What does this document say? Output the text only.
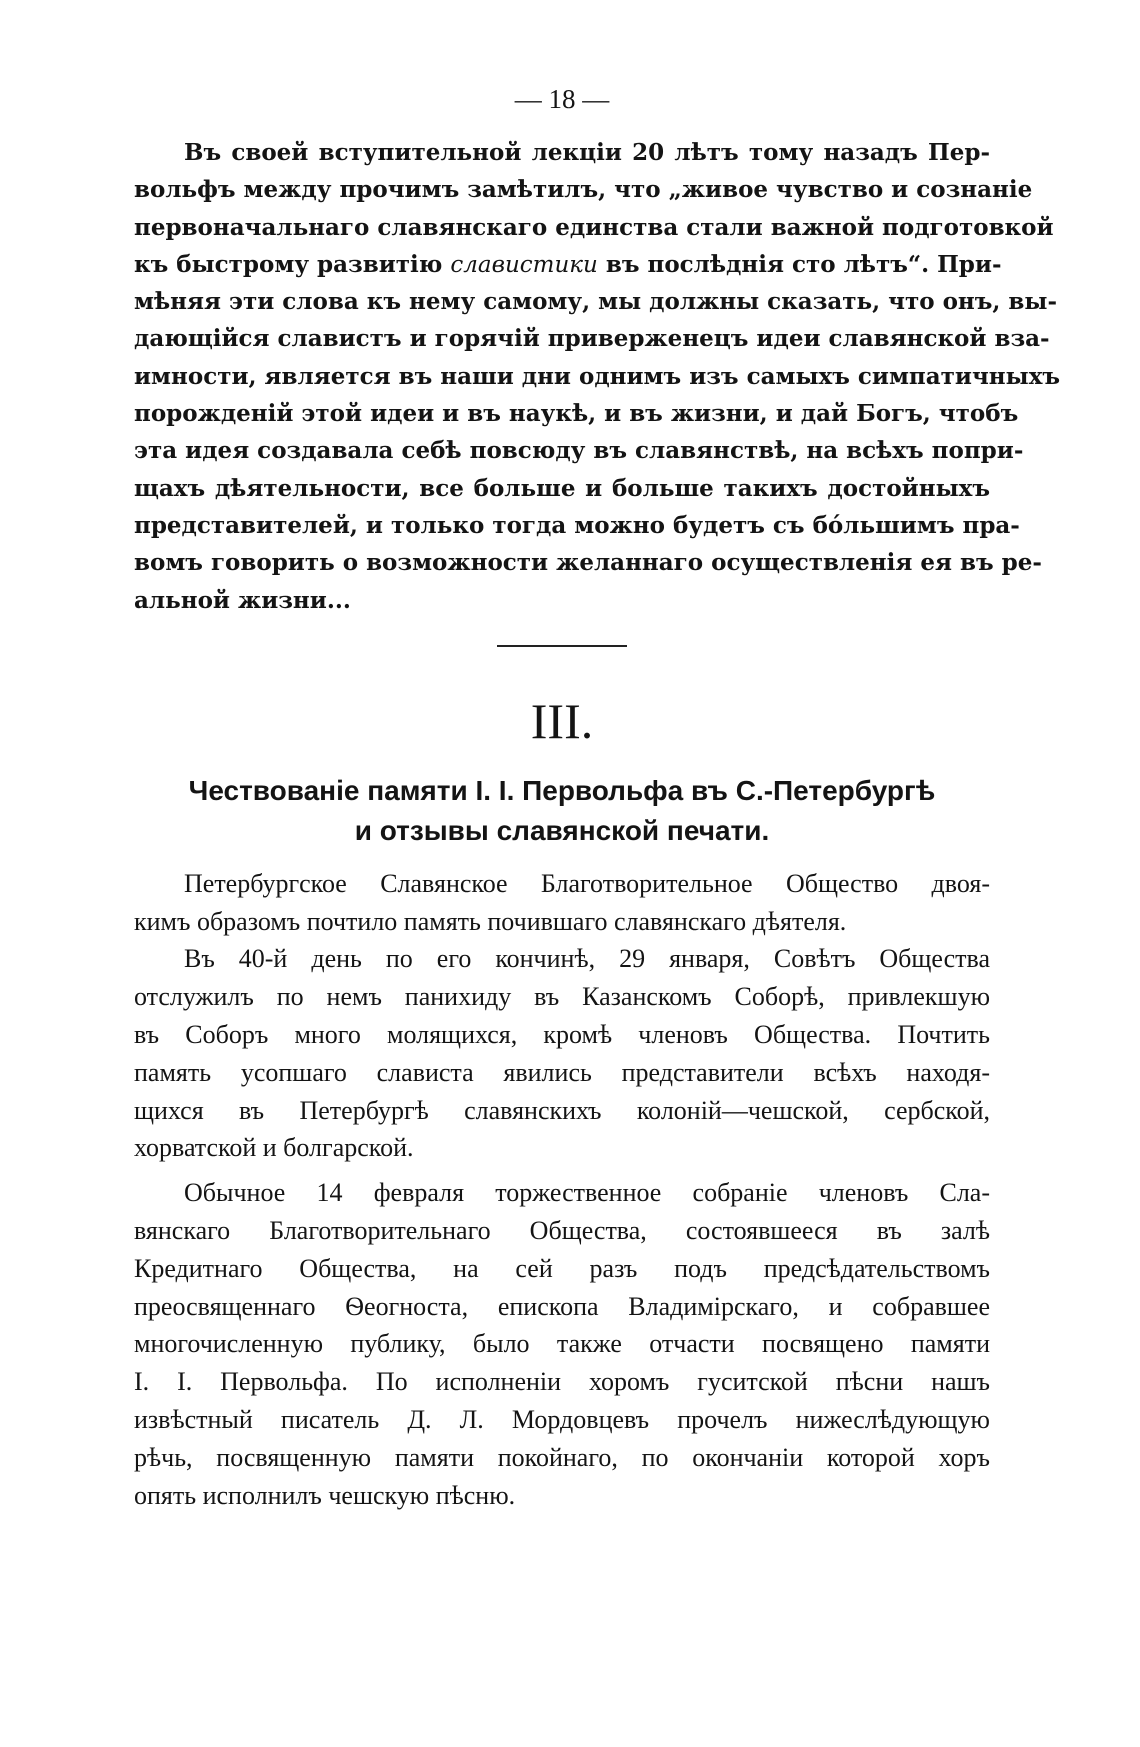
— 18 —
Въ своей вступительной лекціи 20 лѣтъ тому назадъ Пер-
вольфъ между прочимъ замѣтилъ, что „живое чувство и сознаніе
первоначальнаго славянскаго единства стали важной подготовкой
къ быстрому развитію славистики въ послѣднія сто лѣтъ“. При-
мѣняя эти слова къ нему самому, мы должны сказать, что онъ, вы-
дающійся славистъ и горячій приверженецъ идеи славянской вза-
имности, является въ наши дни однимъ изъ самыхъ симпатичныхъ
порожденій этой идеи и въ наукѣ, и въ жизни, и дай Богъ, чтобъ
эта идея создавала себѣ повсюду въ славянствѣ, на всѣхъ попри-
щахъ дѣятельности, все больше и больше такихъ достойныхъ
представителей, и только тогда можно будетъ съ бóльшимъ пра-
вомъ говорить о возможности желаннаго осуществленія ея въ ре-
альной жизни...
III.
Чествованіе памяти І. І. Первольфа въ С.-Петербургѣ
и отзывы славянской печати.
Петербургское Славянское Благотворительное Общество двоя-
кимъ образомъ почтило память почившаго славянскаго дѣятеля.
Въ 40-й день по его кончинѣ, 29 января, Совѣтъ Общества
отслужилъ по немъ панихиду въ Казанскомъ Соборѣ, привлекшую
въ Соборъ много молящихся, кромѣ членовъ Общества. Почтить
память усопшаго слависта явились представители всѣхъ находя-
щихся въ Петербургѣ славянскихъ колоній—чешской, сербской,
хорватской и болгарской.
Обычное 14 февраля торжественное собраніе членовъ Сла-
вянскаго Благотворительнаго Общества, состоявшееся въ залѣ
Кредитнаго Общества, на сей разъ подъ предсѣдательствомъ
преосвященнаго Ѳеогноста, епископа Владимірскаго, и собравшее
многочисленную публику, было также отчасти посвящено памяти
І. І. Первольфа. По исполненіи хоромъ гуситской пѣсни нашъ
извѣстный писатель Д. Л. Мордовцевъ прочелъ нижеслѣдующую
рѣчь, посвященную памяти покойнаго, по окончаніи которой хоръ
опять исполнилъ чешскую пѣсню.
